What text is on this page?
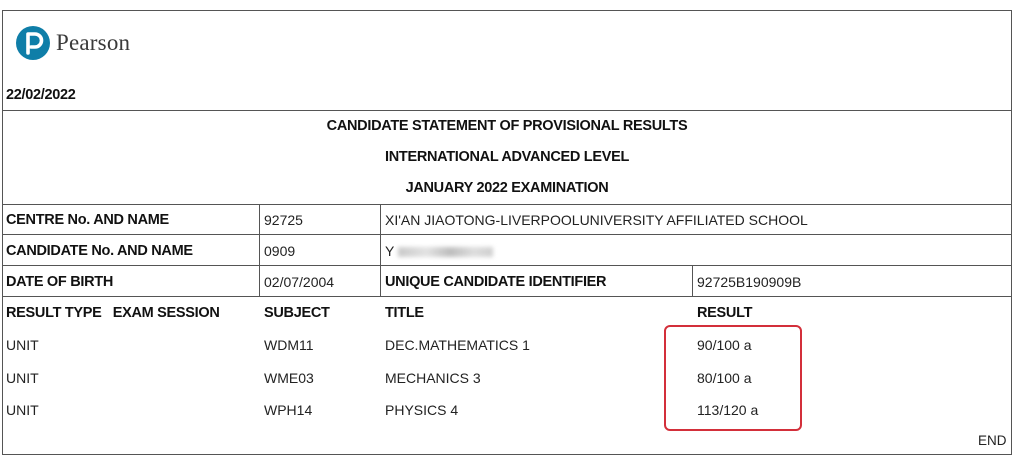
Pearson
22/02/2022
CANDIDATE STATEMENT OF PROVISIONAL RESULTS
INTERNATIONAL ADVANCED LEVEL
JANUARY 2022 EXAMINATION
CENTRE No. AND NAME	92725	XI'AN JIAOTONG-LIVERPOOLUNIVERSITY AFFILIATED SCHOOL
CANDIDATE No. AND NAME	0909	Y
DATE OF BIRTH	02/07/2004	UNIQUE CANDIDATE IDENTIFIER	92725B190909B
RESULT TYPE   EXAM SESSION	SUBJECT	TITLE	RESULT
UNIT	WDM11	DEC.MATHEMATICS 1	90/100 a
UNIT	WME03	MECHANICS 3	80/100 a
UNIT	WPH14	PHYSICS 4	113/120 a
END
